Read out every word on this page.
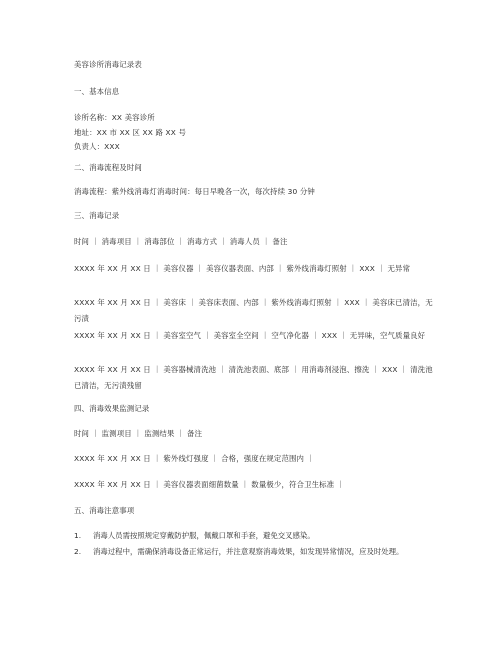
美容诊所消毒记录表
一、基本信息
诊所名称：XX 美容诊所
地址：XX 市 XX 区 XX 路 XX 号
负责人：XXX
二、消毒流程及时间
消毒流程：紫外线消毒灯消毒时间：每日早晚各一次，每次持续 30 分钟
三、消毒记录
时间 ｜ 消毒项目 ｜ 消毒部位 ｜ 消毒方式 ｜ 消毒人员 ｜ 备注
XXXX 年 XX 月 XX 日 ｜ 美容仪器 ｜ 美容仪器表面、内部 ｜ 紫外线消毒灯照射 ｜ XXX ｜ 无异常
XXXX 年 XX 月 XX 日 ｜ 美容床 ｜ 美容床表面、内部 ｜ 紫外线消毒灯照射 ｜ XXX ｜ 美容床已清洁，无污渍
XXXX 年 XX 月 XX 日 ｜ 美容室空气 ｜ 美容室全空间 ｜ 空气净化器 ｜ XXX ｜ 无异味，空气质量良好
XXXX 年 XX 月 XX 日 ｜ 美容器械清洗池 ｜ 清洗池表面、底部 ｜ 用消毒剂浸泡、擦洗 ｜ XXX ｜ 清洗池已清洁，无污渍残留
四、消毒效果监测记录
时间 ｜ 监测项目 ｜ 监测结果 ｜ 备注
XXXX 年 XX 月 XX 日 ｜ 紫外线灯强度 ｜ 合格，强度在规定范围内 ｜
XXXX 年 XX 月 XX 日 ｜ 美容仪器表面细菌数量 ｜ 数量极少，符合卫生标准 ｜
五、消毒注意事项
1. 消毒人员需按照规定穿戴防护服，佩戴口罩和手套，避免交叉感染。
2. 消毒过程中，需确保消毒设备正常运行，并注意观察消毒效果，如发现异常情况，应及时处理。
